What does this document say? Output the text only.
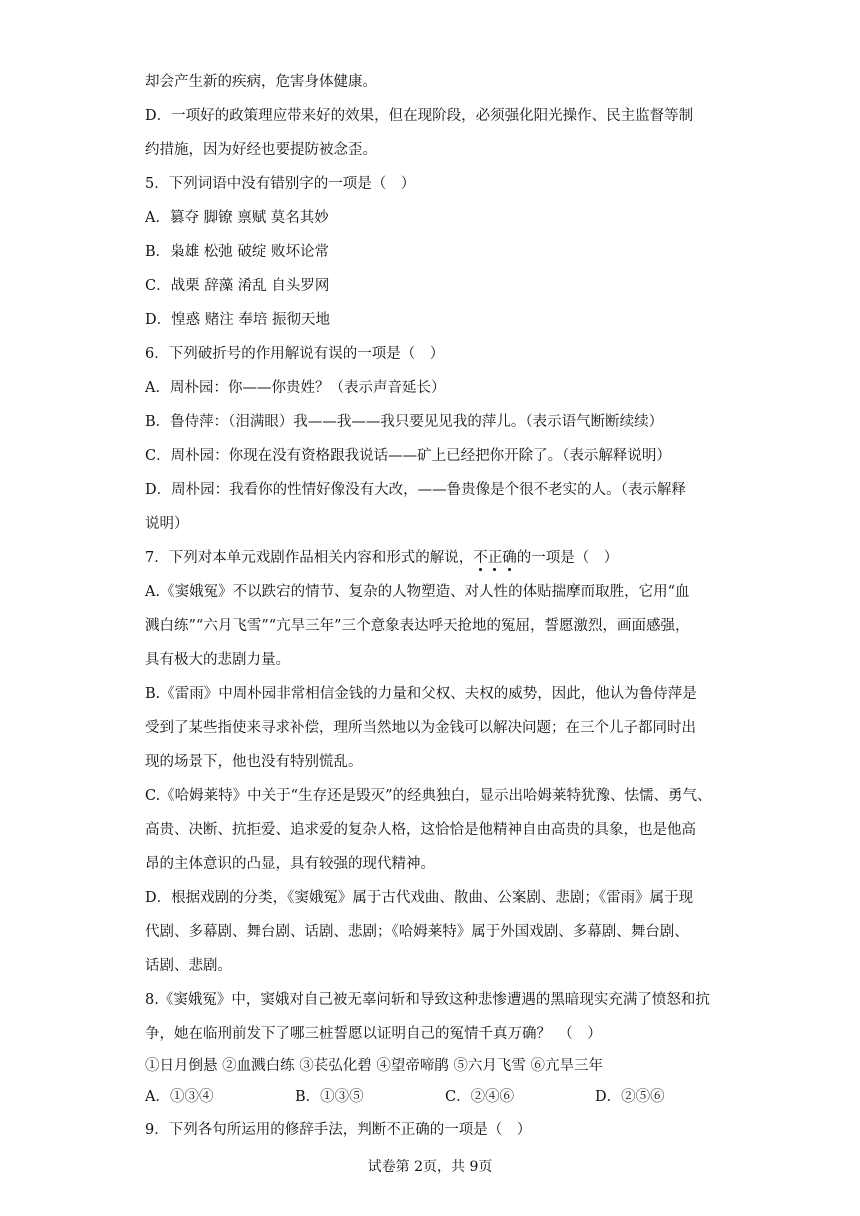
却会产生新的疾病，危害身体健康。
D．一项好的政策理应带来好的效果，但在现阶段，必须强化阳光操作、民主监督等制
约措施，因为好经也要提防被念歪。
5．下列词语中没有错别字的一项是（　）
A．篡夺 脚镣 禀赋 莫名其妙
B．枭雄 松弛 破绽 败坏论常
C．战栗 辞藻 淆乱 自头罗网
D．惶惑 赌注 奉培 振彻天地
6．下列破折号的作用解说有误的一项是（　）
A．周朴园：你——你贵姓？（表示声音延长）
B．鲁侍萍：（泪满眼）我——我——我只要见见我的萍儿。（表示语气断断续续）
C．周朴园：你现在没有资格跟我说话——矿上已经把你开除了。（表示解释说明）
D．周朴园：我看你的性情好像没有大改，——鲁贵像是个很不老实的人。（表示解释
说明）
7．下列对本单元戏剧作品相关内容和形式的解说，不正确的一项是（　）
A.《窦娥冤》不以跌宕的情节、复杂的人物塑造、对人性的体贴揣摩而取胜，它用“血
溅白练”“六月飞雪”“亢旱三年”三个意象表达呼天抢地的冤屈，誓愿激烈，画面感强，
具有极大的悲剧力量。
B.《雷雨》中周朴园非常相信金钱的力量和父权、夫权的威势，因此，他认为鲁侍萍是
受到了某些指使来寻求补偿，理所当然地以为金钱可以解决问题；在三个儿子都同时出
现的场景下，他也没有特别慌乱。
C.《哈姆莱特》中关于“生存还是毁灭”的经典独白，显示出哈姆莱特犹豫、怯懦、勇气、
高贵、决断、抗拒爱、追求爱的复杂人格，这恰恰是他精神自由高贵的具象，也是他高
昂的主体意识的凸显，具有较强的现代精神。
D．根据戏剧的分类，《窦娥冤》属于古代戏曲、散曲、公案剧、悲剧；《雷雨》属于现
代剧、多幕剧、舞台剧、话剧、悲剧；《哈姆莱特》属于外国戏剧、多幕剧、舞台剧、
话剧、悲剧。
8.《窦娥冤》中，窦娥对自己被无辜问斩和导致这种悲惨遭遇的黑暗现实充满了愤怒和抗
争，她在临刑前发下了哪三桩誓愿以证明自己的冤情千真万确？　（　）
①日月倒悬 ②血溅白练 ③苌弘化碧 ④望帝啼鹃 ⑤六月飞雪 ⑥亢旱三年
A．①③④	B．①③⑤	C．②④⑥	D．②⑤⑥
9．下列各句所运用的修辞手法，判断不正确的一项是（　）
试卷第 2页，共 9页
